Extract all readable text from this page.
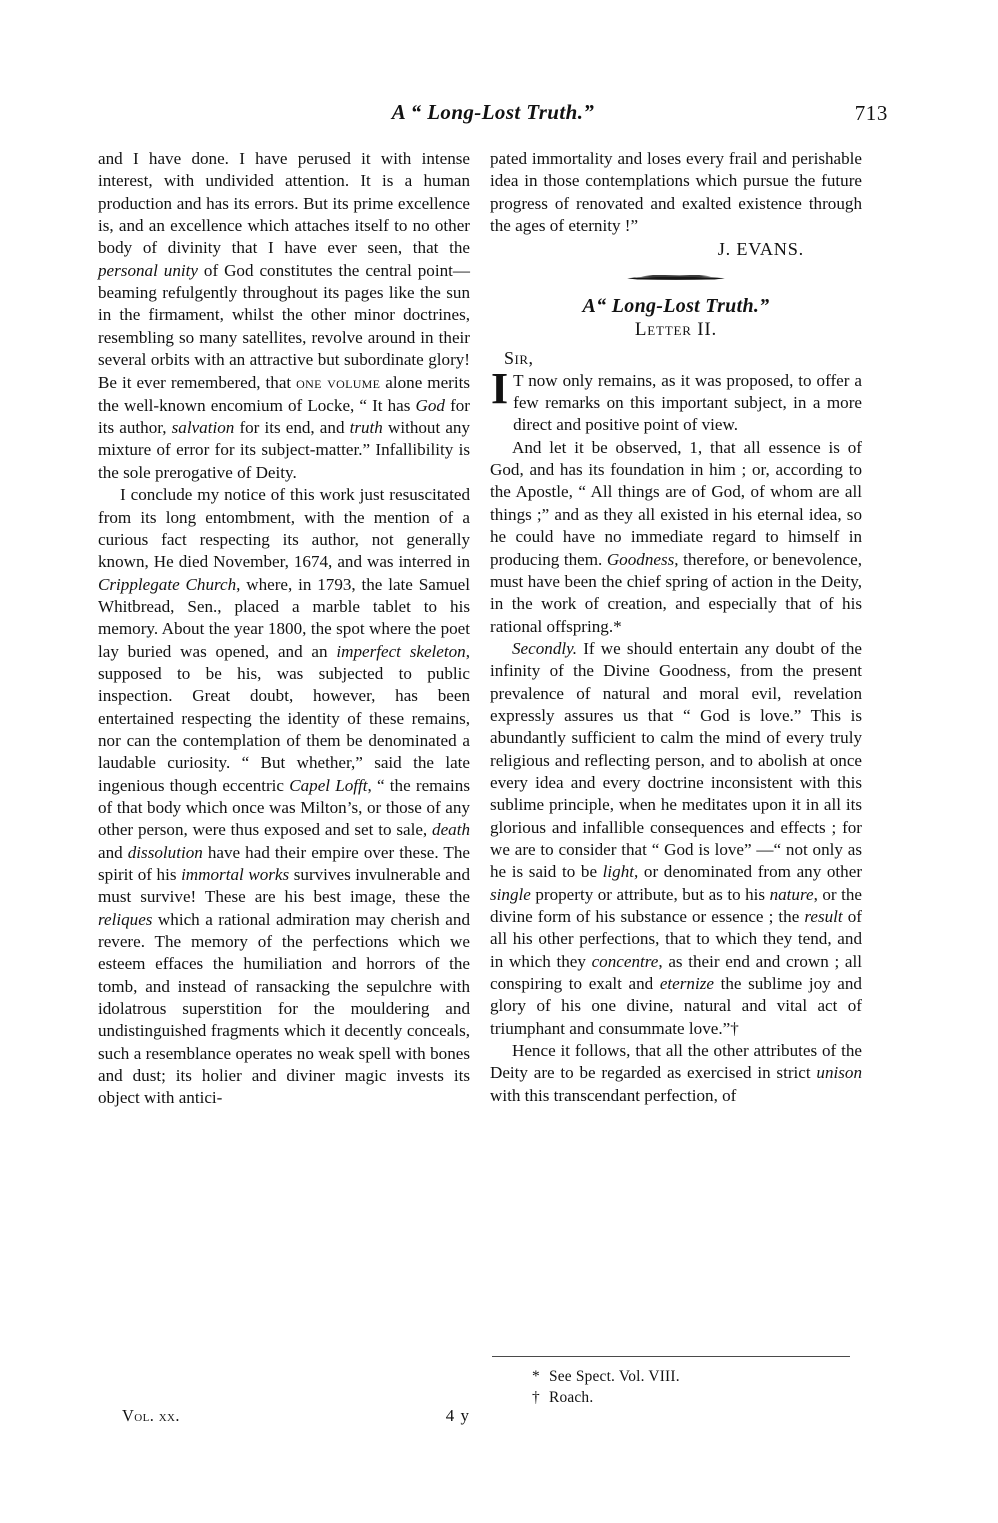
A “ Long-Lost Truth.”	713

and I have done. I have perused it with intense interest, with undivided attention. It is a human production and has its errors. But its prime excellence is, and an excellence which attaches itself to no other body of divinity that I have ever seen, that the personal unity of God constitutes the central point—beaming refulgently throughout its pages like the sun in the firmament, whilst the other minor doctrines, resembling so many satellites, revolve around in their several orbits with an attractive but subordinate glory! Be it ever remembered, that one volume alone merits the well-known encomium of Locke, “ It has God for its author, salvation for its end, and truth without any mixture of error for its subject-matter.” Infallibility is the sole prerogative of Deity.

I conclude my notice of this work just resuscitated from its long entombment, with the mention of a curious fact respecting its author, not generally known, He died November, 1674, and was interred in Cripplegate Church, where, in 1793, the late Samuel Whitbread, Sen., placed a marble tablet to his memory. About the year 1800, the spot where the poet lay buried was opened, and an imperfect skeleton, supposed to be his, was subjected to public inspection. Great doubt, however, has been entertained respecting the identity of these remains, nor can the contemplation of them be denominated a laudable curiosity. “ But whether,” said the late ingenious though eccentric Capel Lofft, “ the remains of that body which once was Milton’s, or those of any other person, were thus exposed and set to sale, death and dissolution have had their empire over these. The spirit of his immortal works survives invulnerable and must survive! These are his best image, these the reliques which a rational admiration may cherish and revere. The memory of the perfections which we esteem effaces the humiliation and horrors of the tomb, and instead of ransacking the sepulchre with idolatrous superstition for the mouldering and undistinguished fragments which it decently conceals, such a resemblance operates no weak spell with bones and dust; its holier and diviner magic invests its object with antici-

pated immortality and loses every frail and perishable idea in those contemplations which pursue the future progress of renovated and exalted existence through the ages of eternity !”

J. EVANS.
A“ Long-Lost Truth.”
Letter II.
Sir,

I T now only remains, as it was proposed, to offer a few remarks on this important subject, in a more direct and positive point of view.

And let it be observed, 1, that all essence is of God, and has its foundation in him ; or, according to the Apostle, “ All things are of God, of whom are all things ;” and as they all existed in his eternal idea, so he could have no immediate regard to himself in producing them. Goodness, therefore, or benevolence, must have been the chief spring of action in the Deity, in the work of creation, and especially that of his rational offspring.*

Secondly. If we should entertain any doubt of the infinity of the Divine Goodness, from the present prevalence of natural and moral evil, revelation expressly assures us that “ God is love.” This is abundantly sufficient to calm the mind of every truly religious and reflecting person, and to abolish at once every idea and every doctrine inconsistent with this sublime principle, when he meditates upon it in all its glorious and infallible consequences and effects ; for we are to consider that “ God is love” —“ not only as he is said to be light, or denominated from any other single property or attribute, but as to his nature, or the divine form of his substance or essence ; the result of all his other perfections, that to which they tend, and in which they concentre, as their end and crown ; all conspiring to exalt and eternize the sublime joy and glory of his one divine, natural and vital act of triumphant and consummate love.”†

Hence it follows, that all the other attributes of the Deity are to be regarded as exercised in strict unison with this transcendant perfection, of

* See Spect. Vol. VIII.
† Roach.
Vol. xx.	4 y
